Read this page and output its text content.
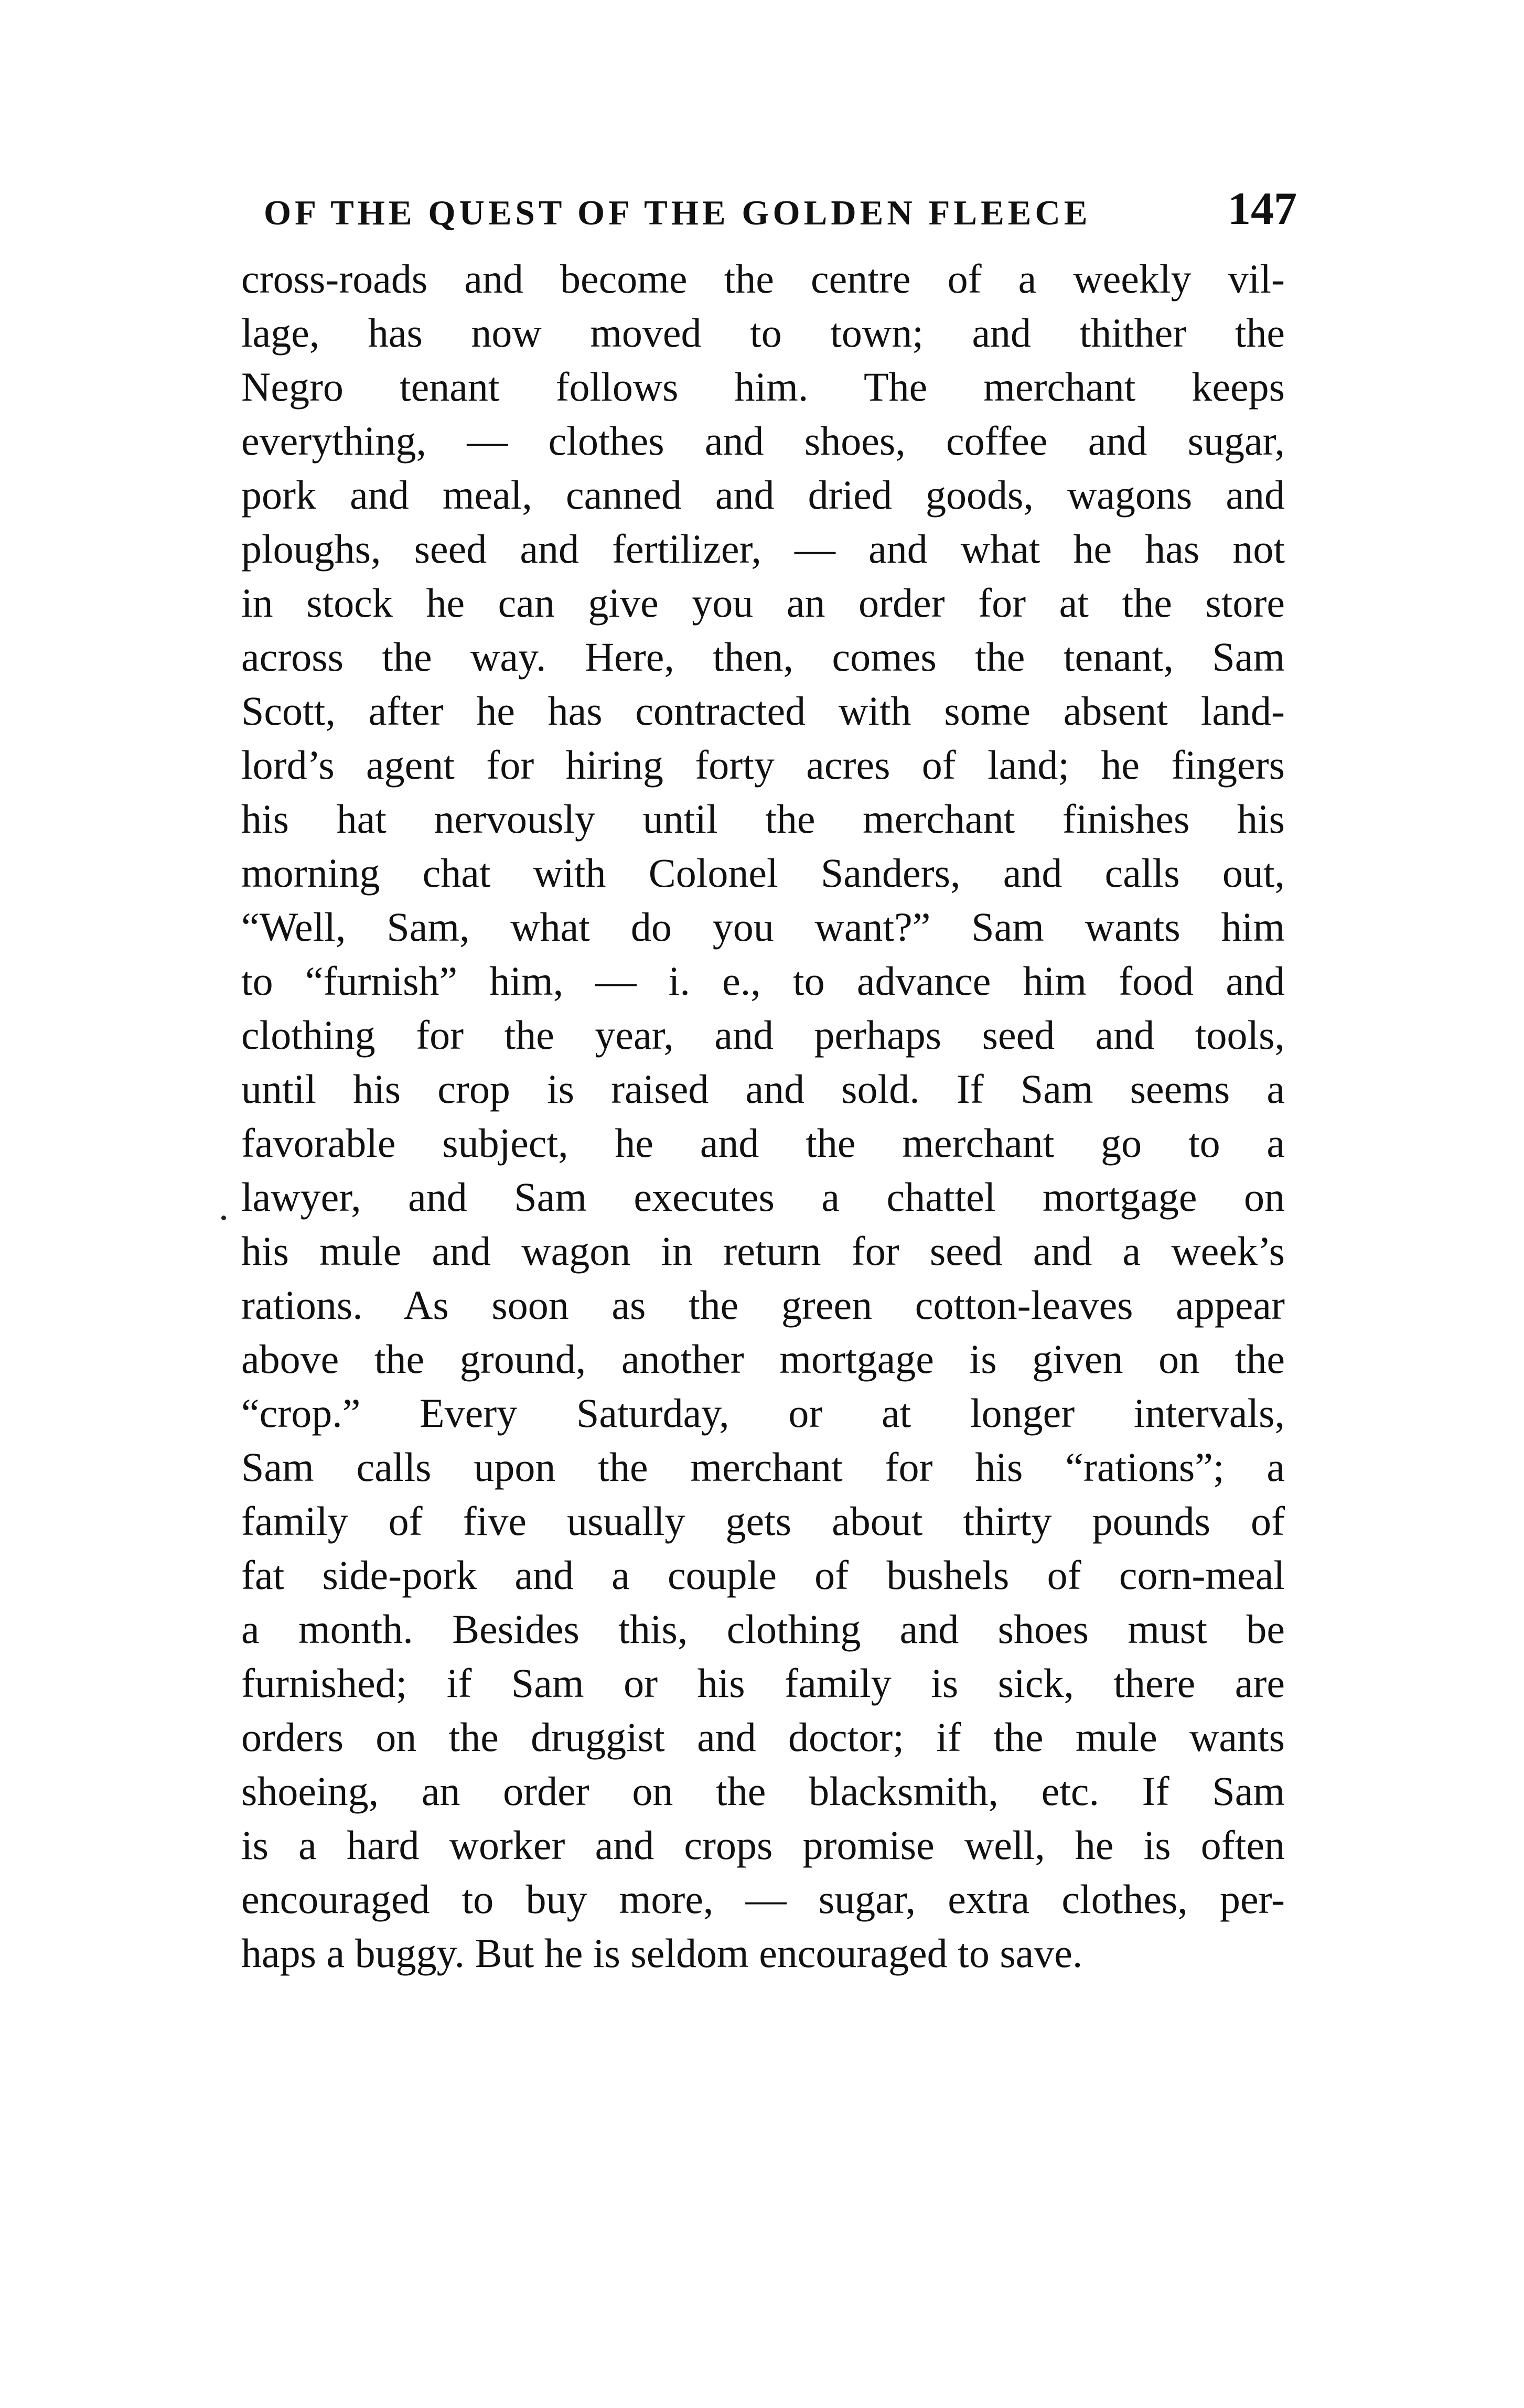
OF THE QUEST OF THE GOLDEN FLEECE	147
cross-roads and become the centre of a weekly vil-
lage, has now moved to town; and thither the
Negro tenant follows him. The merchant keeps
everything, — clothes and shoes, coffee and sugar,
pork and meal, canned and dried goods, wagons and
ploughs, seed and fertilizer, — and what he has not
in stock he can give you an order for at the store
across the way. Here, then, comes the tenant, Sam
Scott, after he has contracted with some absent land-
lord’s agent for hiring forty acres of land; he fingers
his hat nervously until the merchant finishes his
morning chat with Colonel Sanders, and calls out,
“Well, Sam, what do you want?” Sam wants him
to “furnish” him, — i. e., to advance him food and
clothing for the year, and perhaps seed and tools,
until his crop is raised and sold. If Sam seems a
favorable subject, he and the merchant go to a
lawyer, and Sam executes a chattel mortgage on
his mule and wagon in return for seed and a week’s
rations. As soon as the green cotton-leaves appear
above the ground, another mortgage is given on the
“crop.” Every Saturday, or at longer intervals,
Sam calls upon the merchant for his “rations”; a
family of five usually gets about thirty pounds of
fat side-pork and a couple of bushels of corn-meal
a month. Besides this, clothing and shoes must be
furnished; if Sam or his family is sick, there are
orders on the druggist and doctor; if the mule wants
shoeing, an order on the blacksmith, etc. If Sam
is a hard worker and crops promise well, he is often
encouraged to buy more, — sugar, extra clothes, per-
haps a buggy. But he is seldom encouraged to save.
